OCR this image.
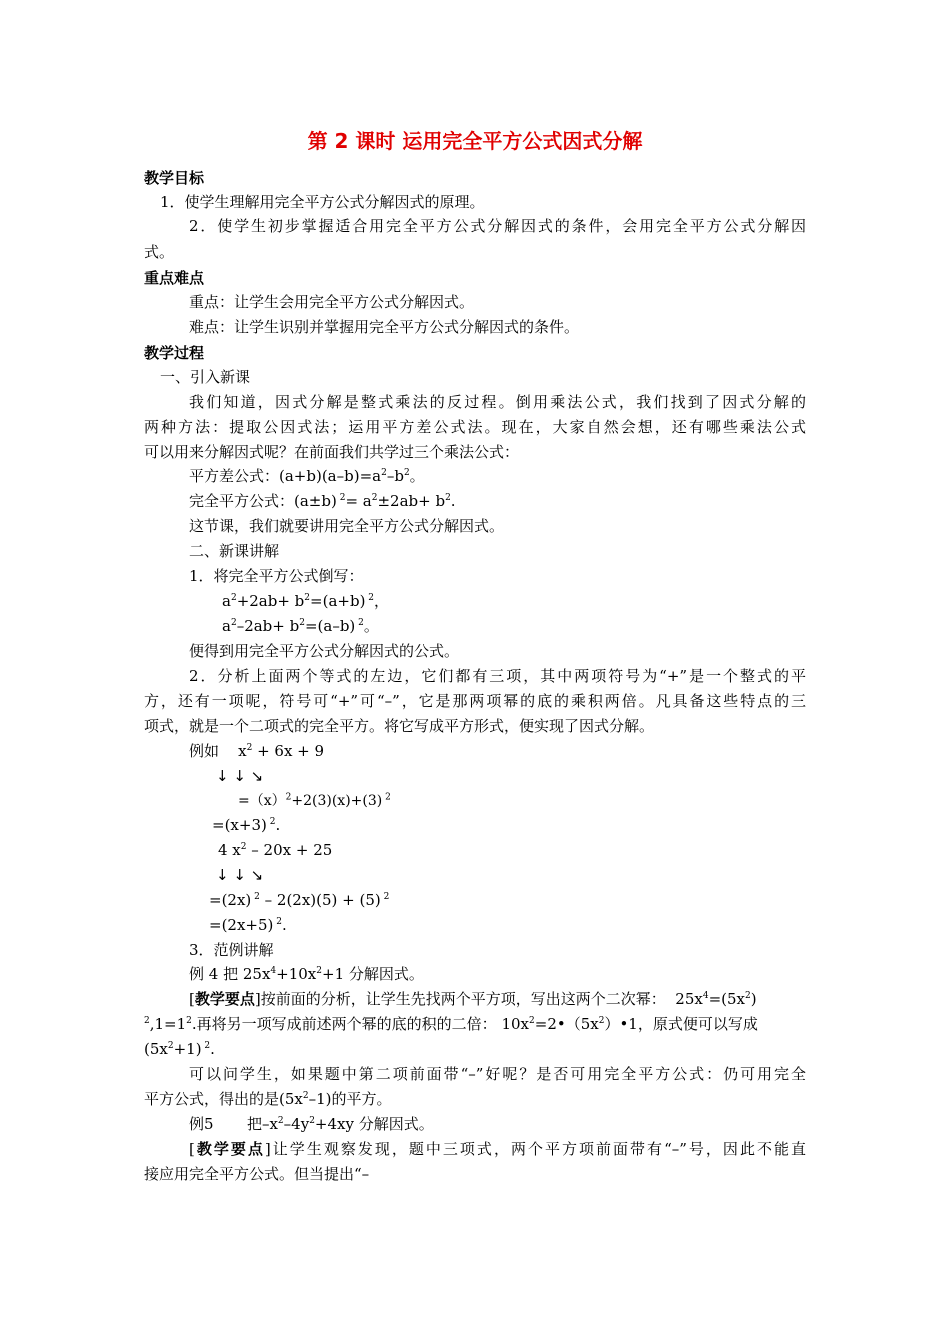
第 2 课时 运用完全平方公式因式分解
教学目标
1．使学生理解用完全平方公式分解因式的原理。
2．使学生初步掌握适合用完全平方公式分解因式的条件，会用完全平方公式分解因
式。
重点难点
重点：让学生会用完全平方公式分解因式。
难点：让学生识别并掌握用完全平方公式分解因式的条件。
教学过程
一、引入新课
我们知道，因式分解是整式乘法的反过程。倒用乘法公式，我们找到了因式分解的
两种方法：提取公因式法；运用平方差公式法。现在，大家自然会想，还有哪些乘法公式
可以用来分解因式呢？在前面我们共学过三个乘法公式：
平方差公式：$(a+b)(a-b)=a^2-b^2$。
完全平方公式：(a±b) $^2= a^2\pm 2ab+ b^2$.
这节课，我们就要讲用完全平方公式分解因式。
二、新课讲解
1．将完全平方公式倒写：
$a^2+2ab+ b^2=(a+b)$ $^2$，
$a^2-2ab+ b^2=(a-b)$ $^2$。
便得到用完全平方公式分解因式的公式。
2．分析上面两个等式的左边，它们都有三项，其中两项符号为“+”是一个整式的平
方，还有一项呢，符号可“+”可“–”，它是那两项幂的底的乘积两倍。凡具备这些特点的三
项式，就是一个二项式的完全平方。将它写成平方形式，便实现了因式分解。
例如    $x^2 + 6x + 9$
↓ ↓ ↘
$=(x)^2+2(3)(x)+(3)$ $^2$
=(x+3) $^2$.
4 $x^2 - 20x + 25$
↓ ↓ ↘
=(2x) $^2$ – 2(2x)(5) + (5) $^2$
=(2x+5) $^2$.
3．范例讲解
例 4 把 $25x^4+10x^2+1$ 分解因式。
[教学要点]按前面的分析，让学生先找两个平方项，写出这两个二次幂：  $25x^4=(5x^2)$
$^2,1=1^2$.再将另一项写成前述两个幂的底的积的二倍： $10x^2=2•(5x^2)•1$，原式便可以写成
$(5x^2+1)$ $^2$.
可以问学生，如果题中第二项前面带“–”好呢？是否可用完全平方公式：仍可用完全
平方公式，得出的是$(5x^2-1)$的平方。
例5 把$-x^2-4y^2+4xy$ 分解因式。
[教学要点]让学生观察发现，题中三项式，两个平方项前面带有“–”号，因此不能直
接应用完全平方公式。但当提出“–
